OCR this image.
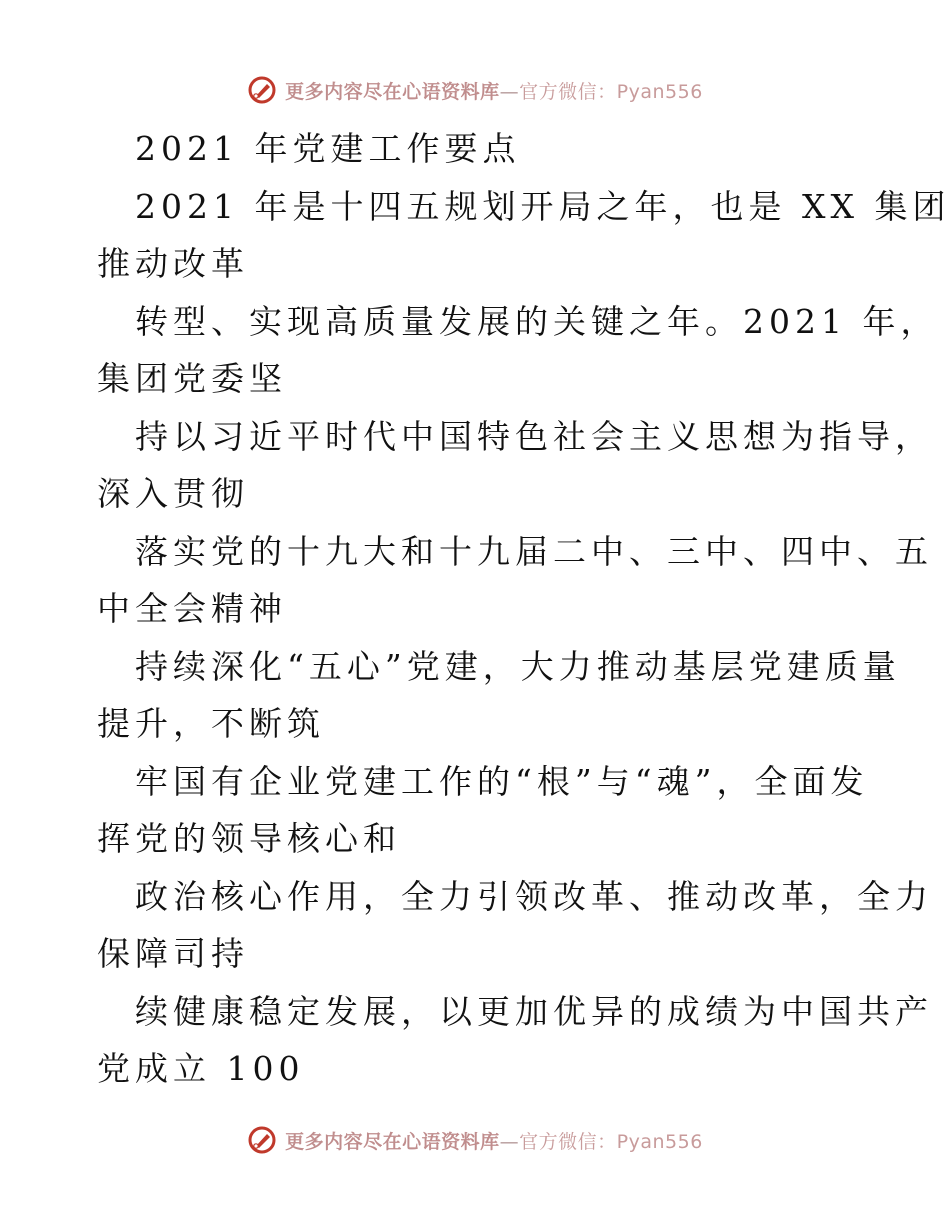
更多内容尽在心语资料库—官方微信：Pyan556
2021 年党建工作要点
2021 年是十四五规划开局之年，也是 XX 集团
推动改革
转型、实现高质量发展的关键之年。2021 年，
集团党委坚
持以习近平时代中国特色社会主义思想为指导，
深入贯彻
落实党的十九大和十九届二中、三中、四中、五
中全会精神
持续深化“五心”党建，大力推动基层党建质量
提升，不断筑
牢国有企业党建工作的“根”与“魂”，全面发
挥党的领导核心和
政治核心作用，全力引领改革、推动改革，全力
保障司持
续健康稳定发展，以更加优异的成绩为中国共产
党成立 100
更多内容尽在心语资料库—官方微信：Pyan556
